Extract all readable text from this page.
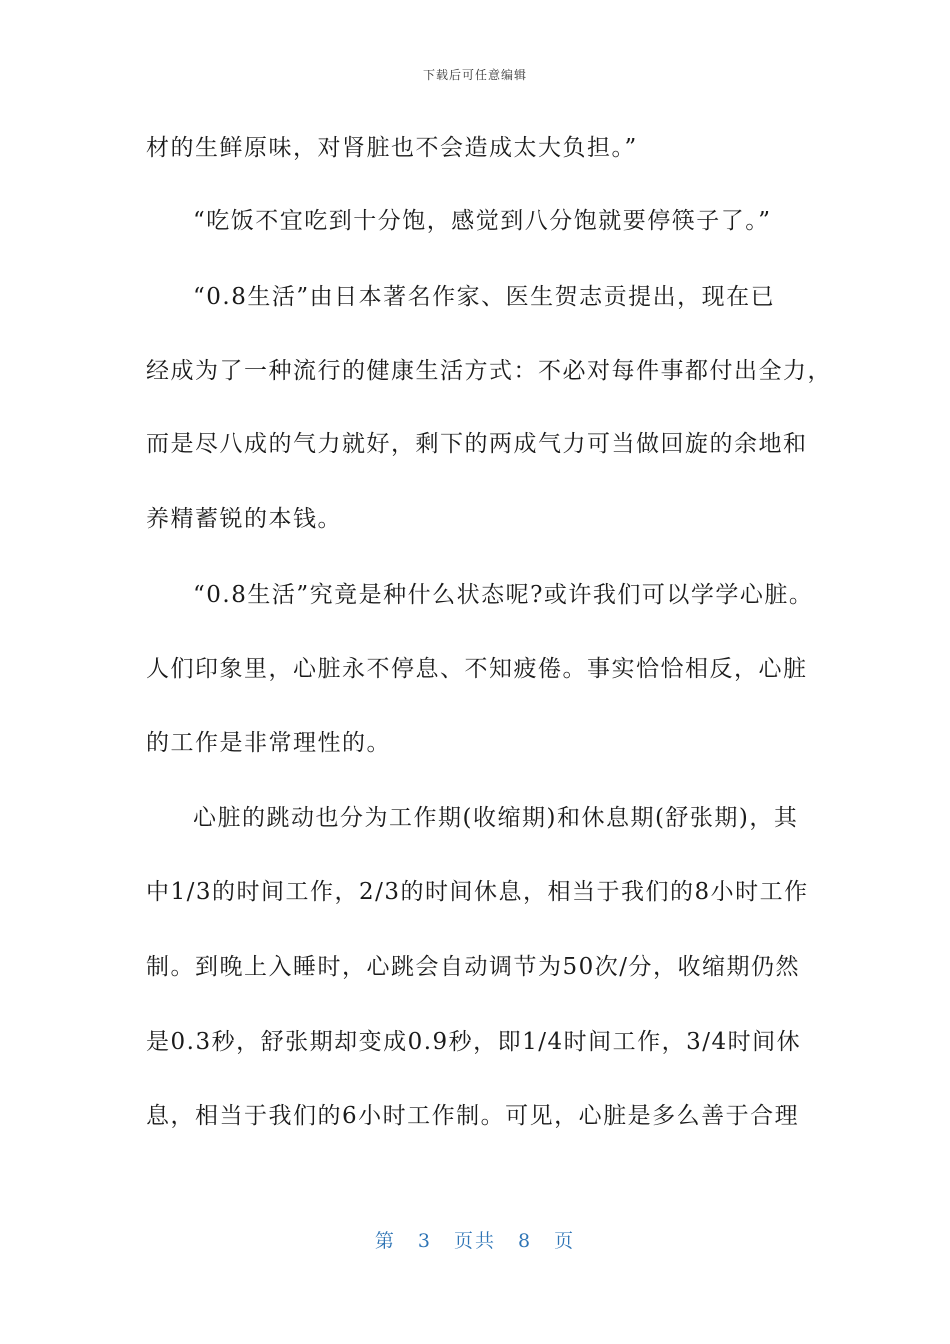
下载后可任意编辑
材的生鲜原味，对肾脏也不会造成太大负担。”
“吃饭不宜吃到十分饱，感觉到八分饱就要停筷子了。”
“0.8生活”由日本著名作家、医生贺志贡提出，现在已
经成为了一种流行的健康生活方式：不必对每件事都付出全力，
而是尽八成的气力就好，剩下的两成气力可当做回旋的余地和
养精蓄锐的本钱。
“0.8生活”究竟是种什么状态呢?或许我们可以学学心脏。
人们印象里，心脏永不停息、不知疲倦。事实恰恰相反，心脏
的工作是非常理性的。
心脏的跳动也分为工作期(收缩期)和休息期(舒张期)，其
中1/3的时间工作，2/3的时间休息，相当于我们的8小时工作
制。到晚上入睡时，心跳会自动调节为50次/分，收缩期仍然
是0.3秒，舒张期却变成0.9秒，即1/4时间工作，3/4时间休
息，相当于我们的6小时工作制。可见，心脏是多么善于合理
第 3 页共 8 页
